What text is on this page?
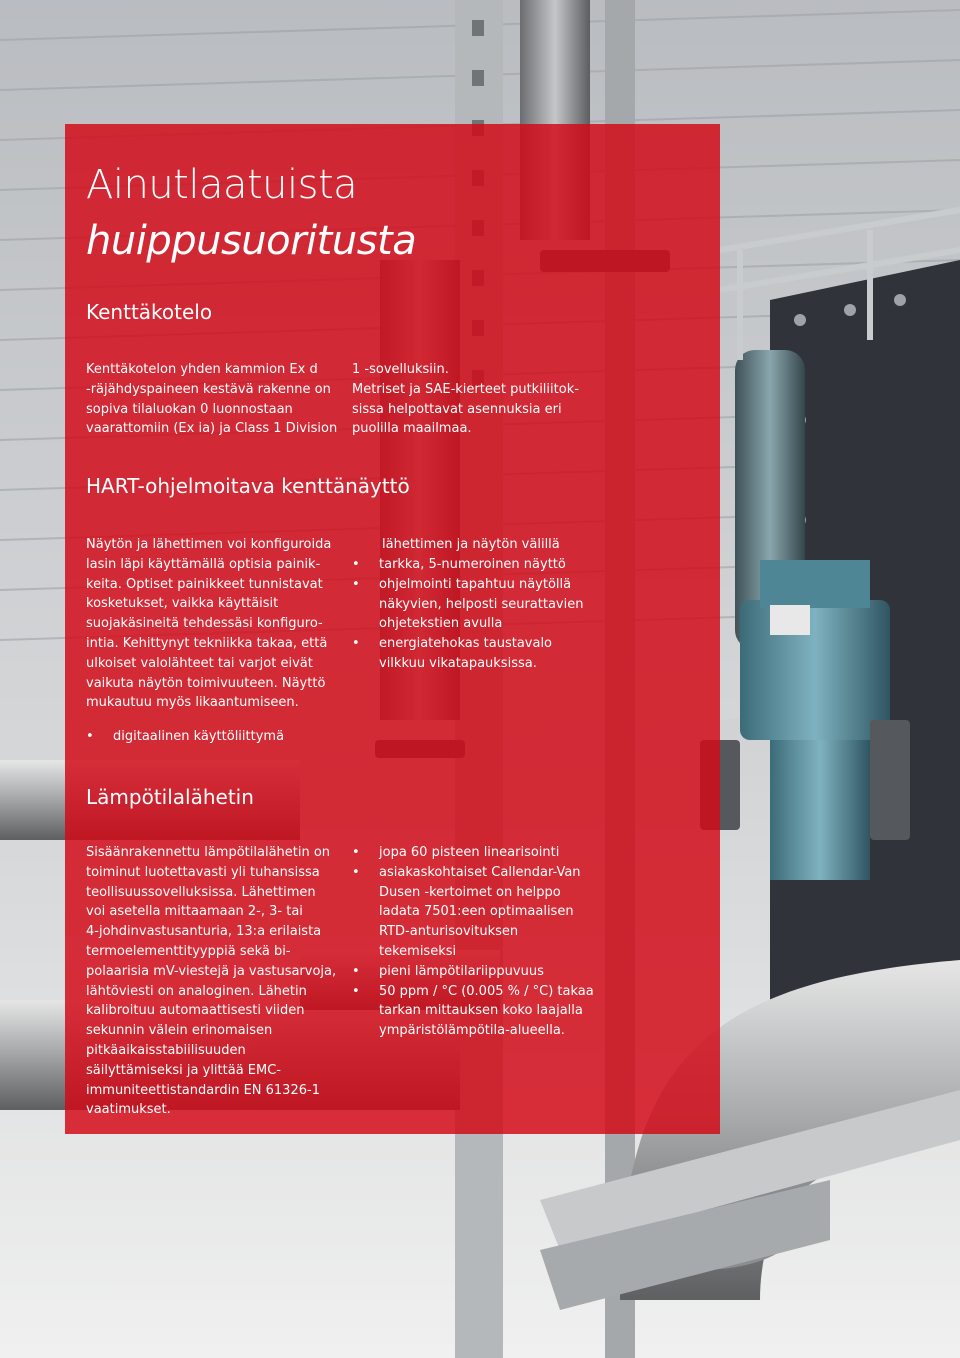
Ainutlaatuista
huippusuoritusta
Kenttäkotelo

Kenttäkotelon yhden kammion Ex d
-räjähdyspaineen kestävä rakenne on
sopiva tilaluokan 0 luonnostaan
vaarattomiin (Ex ia) ja Class 1 Division

1 -sovelluksiin.
Metriset ja SAE-kierteet putkiliitok-
sissa helpottavat asennuksia eri
puolilla maailmaa.

HART-ohjelmoitava kenttänäyttö

Näytön ja lähettimen voi konfiguroida
lasin läpi käyttämällä optisia painik-
keita. Optiset painikkeet tunnistavat
kosketukset, vaikka käyttäisit
suojakäsineitä tehdessäsi konfiguro-
intia. Kehittynyt tekniikka takaa, että
ulkoiset valolähteet tai varjot eivät
vaikuta näytön toimivuuteen. Näyttö
mukautuu myös likaantumiseen.

• digitaalinen käyttöliittymä
lähettimen ja näytön välillä
• tarkka, 5-numeroinen näyttö
• ohjelmointi tapahtuu näytöllä
näkyvien, helposti seurattavien
ohjetekstien avulla
• energiatehokas taustavalo
vilkkuu vikatapauksissa.
Lämpötilalähetin

Sisäänrakennettu lämpötilalähetin on
toiminut luotettavasti yli tuhansissa
teollisuussovelluksissa. Lähettimen
voi asetella mittaamaan 2-, 3- tai
4-johdinvastusanturia, 13:a erilaista
termoelementtityyppiä sekä bi-
polaarisia mV-viestejä ja vastusarvoja,
lähtöviesti on analoginen. Lähetin
kalibroituu automaattisesti viiden
sekunnin välein erinomaisen
pitkäaikaisstabiilisuuden
säilyttämiseksi ja ylittää EMC-
immuniteettistandardin EN 61326-1
vaatimukset.

• jopa 60 pisteen linearisointi
• asiakaskohtaiset Callendar-Van
Dusen -kertoimet on helppo
ladata 7501:een optimaalisen
RTD-anturisovituksen
tekemiseksi
• pieni lämpötilariippuvuus
• 50 ppm / °C (0.005 % / °C) takaa
tarkan mittauksen koko laajalla
ympäristölämpötila-alueella.
